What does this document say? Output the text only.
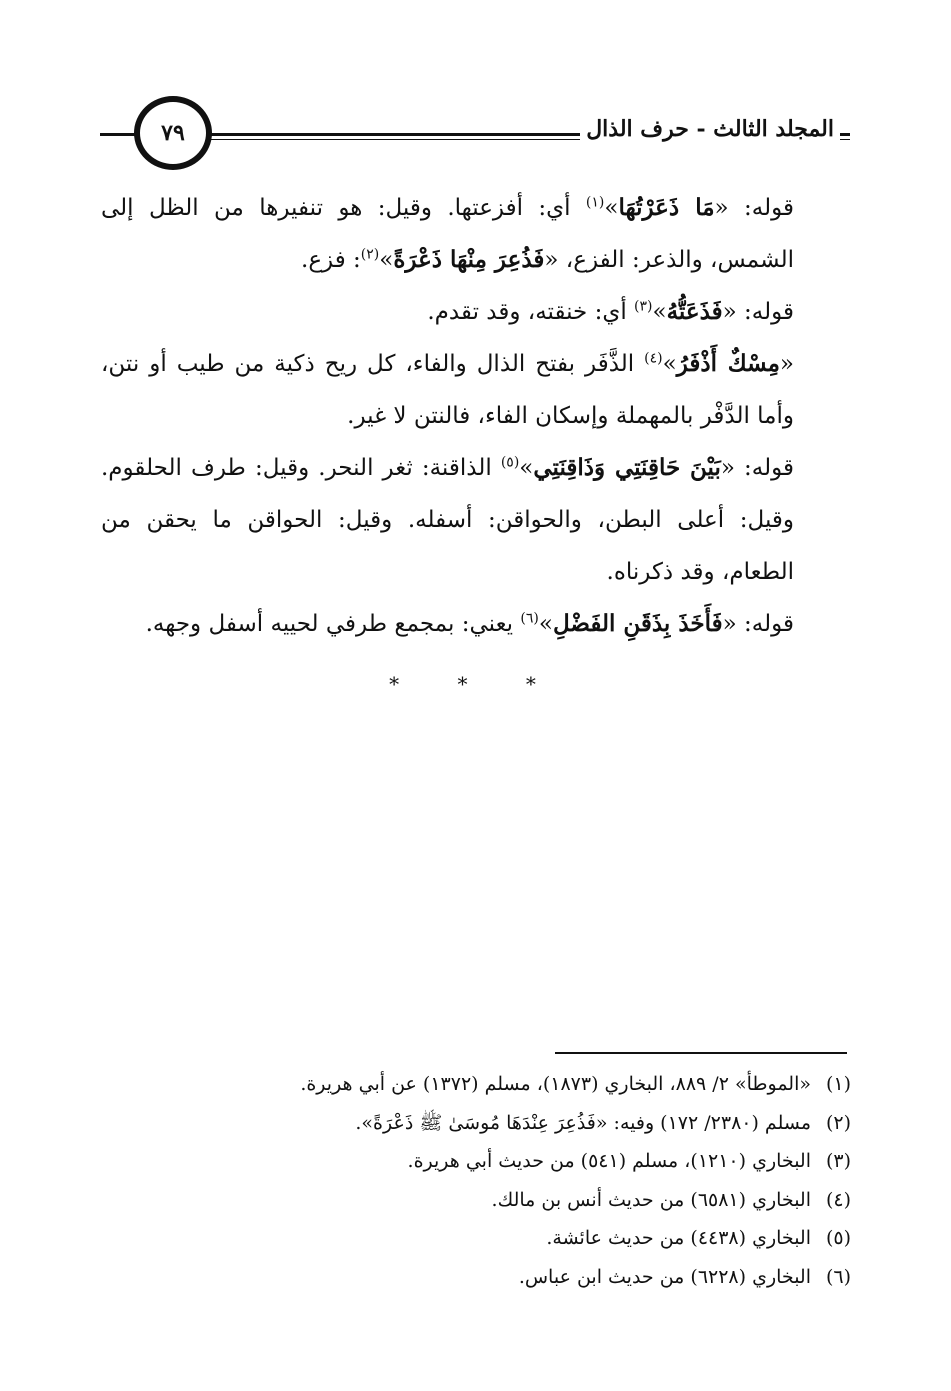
المجلد الثالث - حرف الذال
٧٩

قوله: «مَا ذَعَرْتُهَا»$^{(١)}$ أي: أفزعتها. وقيل: هو تنفيرها من الظل إلى الشمس، والذعر: الفزع، «فَذُعِرَ مِنْهَا ذَعْرَةً»$^{(٢)}$: فزع.

قوله: «فَذَعَتُّهُ»$^{(٣)}$ أي: خنقته، وقد تقدم.

«مِسْكٌ أَذْفَرُ»$^{(٤)}$ الذَّفَر بفتح الذال والفاء، كل ريح ذكية من طيب أو نتن، وأما الدَّفْر بالمهملة وإسكان الفاء، فالنتن لا غير.

قوله: «بَيْنَ حَاقِنَتِي وَذَاقِنَتِي»$^{(٥)}$ الذاقنة: ثغر النحر. وقيل: طرف الحلقوم. وقيل: أعلى البطن، والحواقن: أسفله. وقيل: الحواقن ما يحقن من الطعام، وقد ذكرناه.

قوله: «فَأَخَذَ بِذَقَنِ الفَضْلِ»$^{(٦)}$ يعني: بمجمع طرفي لحييه أسفل وجهه.

* * *

(١)«الموطأ» ٢/ ٨٨٩، البخاري (١٨٧٣)، مسلم (١٣٧٢) عن أبي هريرة.

(٢)مسلم (٢٣٨٠/ ١٧٢) وفيه: «فَذُعِرَ عِنْدَهَا مُوسَىٰ ﷺ ذَعْرَةً».

(٣)البخاري (١٢١٠)، مسلم (٥٤١) من حديث أبي هريرة.

(٤)البخاري (٦٥٨١) من حديث أنس بن مالك.

(٥)البخاري (٤٤٣٨) من حديث عائشة.

(٦)البخاري (٦٢٢٨) من حديث ابن عباس.
